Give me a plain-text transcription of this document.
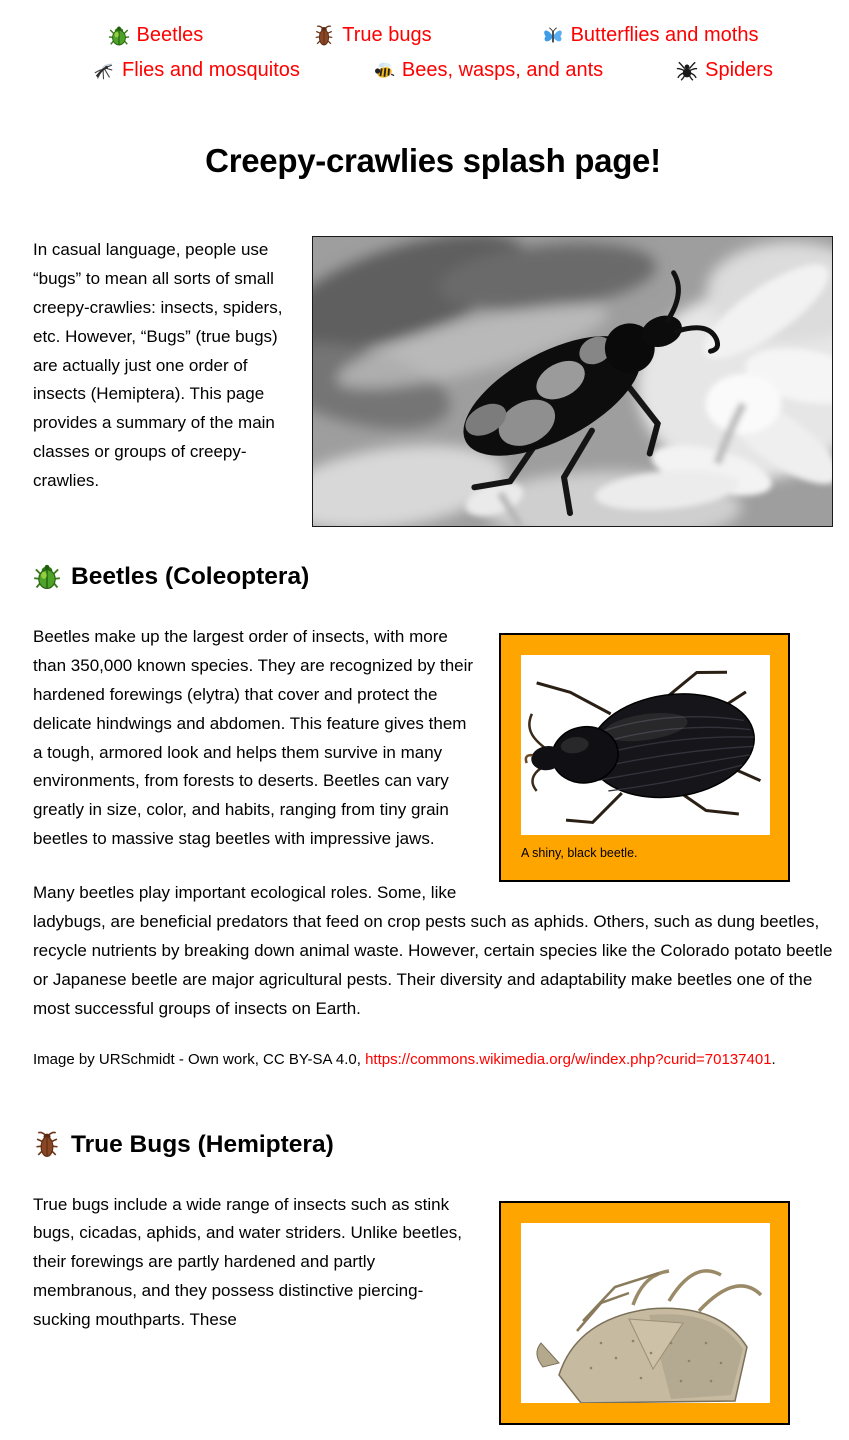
Beetles	True bugs	Butterflies and moths
Flies and mosquitos	Bees, wasps, and ants	Spiders
Creepy-crawlies splash page!

In casual language, people use “bugs” to mean all sorts of small creepy-crawlies: insects, spiders, etc. However, “Bugs” (true bugs) are actually just one order of insects (Hemiptera). This page provides a summary of the main classes or groups of creepy-crawlies.

Beetles (Coleoptera)
A shiny, black beetle.

Beetles make up the largest order of insects, with more than 350,000 known species. They are recognized by their hardened forewings (elytra) that cover and protect the delicate hindwings and abdomen. This feature gives them a tough, armored look and helps them survive in many environments, from forests to deserts. Beetles can vary greatly in size, color, and habits, ranging from tiny grain beetles to massive stag beetles with impressive jaws.

Many beetles play important ecological roles. Some, like ladybugs, are beneficial predators that feed on crop pests such as aphids. Others, such as dung beetles, recycle nutrients by breaking down animal waste. However, certain species like the Colorado potato beetle or Japanese beetle are major agricultural pests. Their diversity and adaptability make beetles one of the most successful groups of insects on Earth.

Image by URSchmidt - Own work, CC BY-SA 4.0, https://commons.wikimedia.org/w/index.php?curid=70137401.

True Bugs (Hemiptera)

True bugs include a wide range of insects such as stink bugs, cicadas, aphids, and water striders. Unlike beetles, their forewings are partly hardened and partly membranous, and they possess distinctive piercing-sucking mouthparts. These
